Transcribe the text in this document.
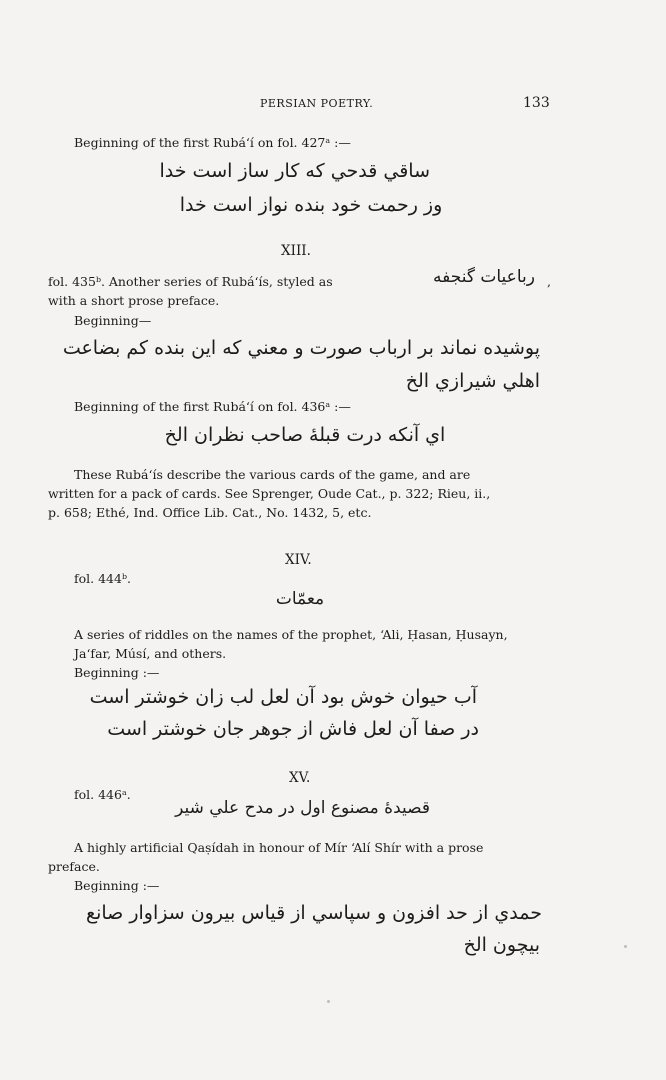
PERSIAN POETRY.	133
Beginning of the first Rubá‘í on fol. 427ᵃ :—
ساقي قدحي که کار ساز است خدا
وز رحمت خود بنده نواز است خدا
XIII.
fol. 435ᵇ. Another series of Rubá‘ís, styled as	رباعيات گنجفه ,
with a short prose preface.
Beginning—
پوشيده نماند بر ارباب صورت و معني که اين بنده کم بضاعت
اهلي شيرازي الخ
Beginning of the first Rubá‘í on fol. 436ᵃ :—
اي آنکه درت قبلهٔ صاحب نظران الخ
These Rubá‘ís describe the various cards of the game, and are
written for a pack of cards. See Sprenger, Oude Cat., p. 322; Rieu, ii.,
p. 658; Ethé, Ind. Office Lib. Cat., No. 1432, 5, etc.
XIV.
fol. 444ᵇ.
معمّات
A series of riddles on the names of the prophet, ‘Ali, Ḥasan, Ḥusayn,
Ja‘far, Músí, and others.
Beginning :—
آب حيوان خوش بود آن لعل لب زان خوشتر است
در صفا آن لعل فاش از جوهر جان خوشتر است
XV.
fol. 446ᵃ.
قصيدهٔ مصنوع اول در مدح علي شير
A highly artificial Qaṣídah in honour of Mír ‘Alí Shír with a prose
preface.
Beginning :—
حمدي از حد افزون و سپاسي از قياس بيرون سزاوار صانع
بيچون الخ
